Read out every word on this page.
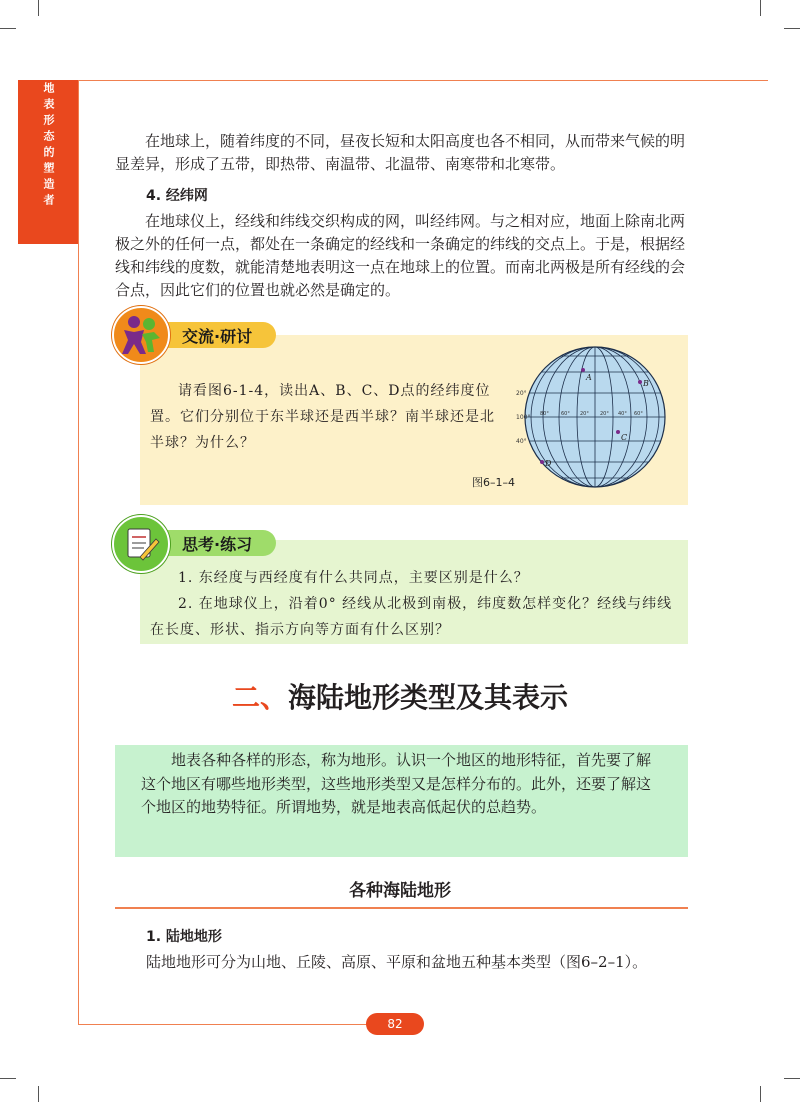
地表形态的塑造者	在地球上，随着纬度的不同，昼夜长短和太阳高度也各不相同，从而带来气候的明显差异，形成了五带，即热带、南温带、北温带、南寒带和北寒带。
4. 经纬网
在地球仪上，经线和纬线交织构成的网，叫经纬网。与之相对应，地面上除南北两极之外的任何一点，都处在一条确定的经线和一条确定的纬线的交点上。于是，根据经线和纬线的度数，就能清楚地表明这一点在地球上的位置。而南北两极是所有经线的会合点，因此它们的位置也就必然是确定的。
交流·研讨
请看图6-1-4，读出A、B、C、D点的经纬度位置。它们分别位于东半球还是西半球？南半球还是北半球？为什么？
A
B
C
D
20°
100°
40°
80° 60° 20° 20° 40° 60°
图6–1–4
思考·练习
1. 东经度与西经度有什么共同点，主要区别是什么？
2. 在地球仪上，沿着0° 经线从北极到南极，纬度数怎样变化？经线与纬线在长度、形状、指示方向等方面有什么区别？
二、海陆地形类型及其表示
地表各种各样的形态，称为地形。认识一个地区的地形特征，首先要了解这个地区有哪些地形类型，这些地形类型又是怎样分布的。此外，还要了解这个地区的地势特征。所谓地势，就是地表高低起伏的总趋势。
各种海陆地形
1. 陆地地形
陆地地形可分为山地、丘陵、高原、平原和盆地五种基本类型（图6–2–1）。
82
